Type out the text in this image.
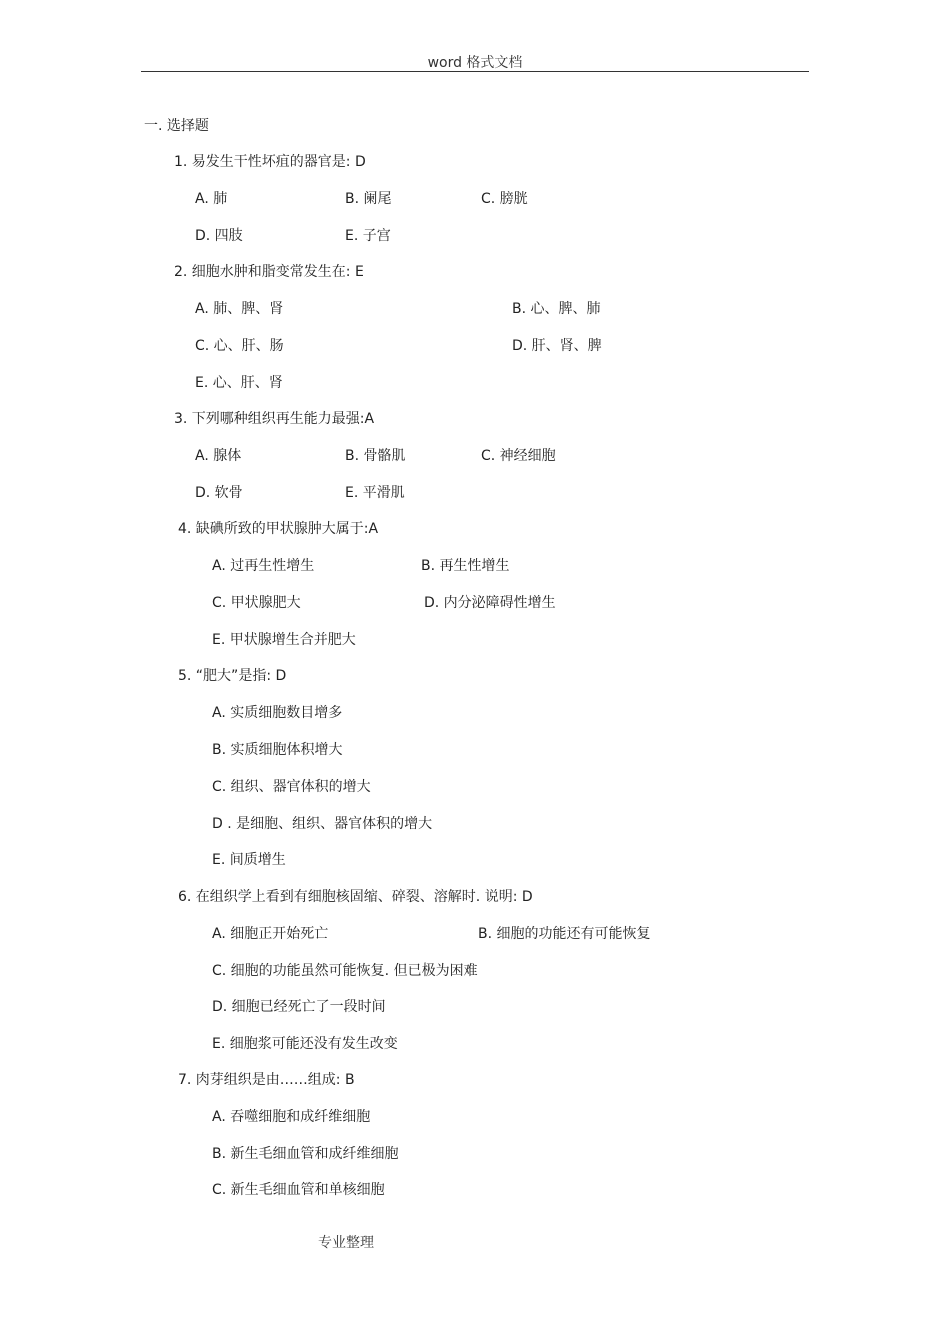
word 格式文档
一. 选择题
1. 易发生干性坏疽的器官是: D
A. 肺	B. 阑尾	C. 膀胱
D. 四肢	E. 子宫
2. 细胞水肿和脂变常发生在: E
A. 肺、脾、肾	B. 心、脾、肺
C. 心、肝、肠	D. 肝、肾、脾
E. 心、肝、肾
3. 下列哪种组织再生能力最强:A
A. 腺体	B. 骨骼肌	C. 神经细胞
D. 软骨	E. 平滑肌
4. 缺碘所致的甲状腺肿大属于:A
A. 过再生性增生	B. 再生性增生
C. 甲状腺肥大	D. 内分泌障碍性增生
E. 甲状腺增生合并肥大
5. “肥大”是指: D
A. 实质细胞数目增多
B. 实质细胞体积增大
C. 组织、器官体积的增大
D . 是细胞、组织、器官体积的增大
E. 间质增生
6. 在组织学上看到有细胞核固缩、碎裂、溶解时. 说明: D
A. 细胞正开始死亡	B. 细胞的功能还有可能恢复
C. 细胞的功能虽然可能恢复. 但已极为困难
D. 细胞已经死亡了一段时间
E. 细胞浆可能还没有发生改变
7. 肉芽组织是由……组成: B
A. 吞噬细胞和成纤维细胞
B. 新生毛细血管和成纤维细胞
C. 新生毛细血管和单核细胞
专业整理
